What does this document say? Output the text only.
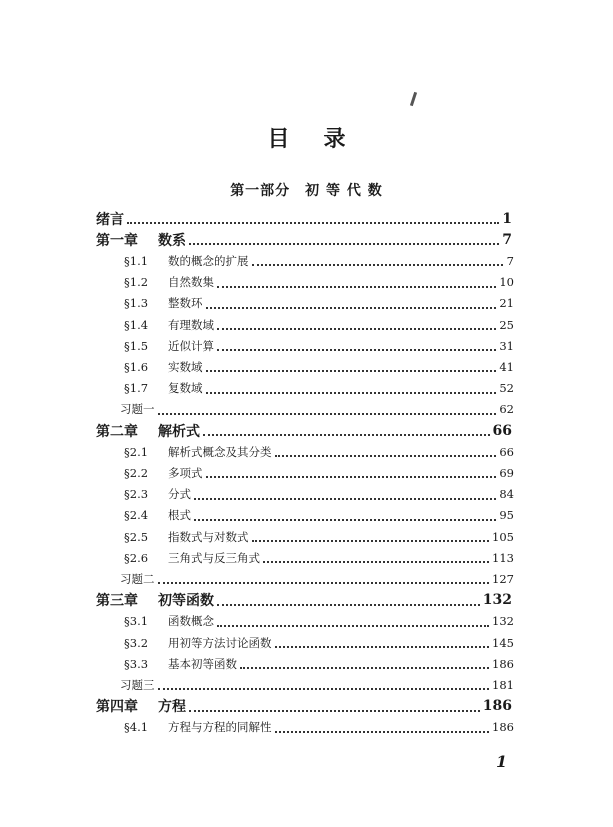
目录
第一部分　初 等 代 数
绪言	1
第一章 数系	7
§1.1 数的概念的扩展	7
§1.2 自然数集	10
§1.3 整数环	21
§1.4 有理数域	25
§1.5 近似计算	31
§1.6 实数域	41
§1.7 复数域	52
习题一	62
第二章 解析式	66
§2.1 解析式概念及其分类	66
§2.2 多项式	69
§2.3 分式	84
§2.4 根式	95
§2.5 指数式与对数式	105
§2.6 三角式与反三角式	113
习题二	127
第三章 初等函数	132
§3.1 函数概念	132
§3.2 用初等方法讨论函数	145
§3.3 基本初等函数	186
习题三	181
第四章 方程	186
§4.1 方程与方程的同解性	186
1
